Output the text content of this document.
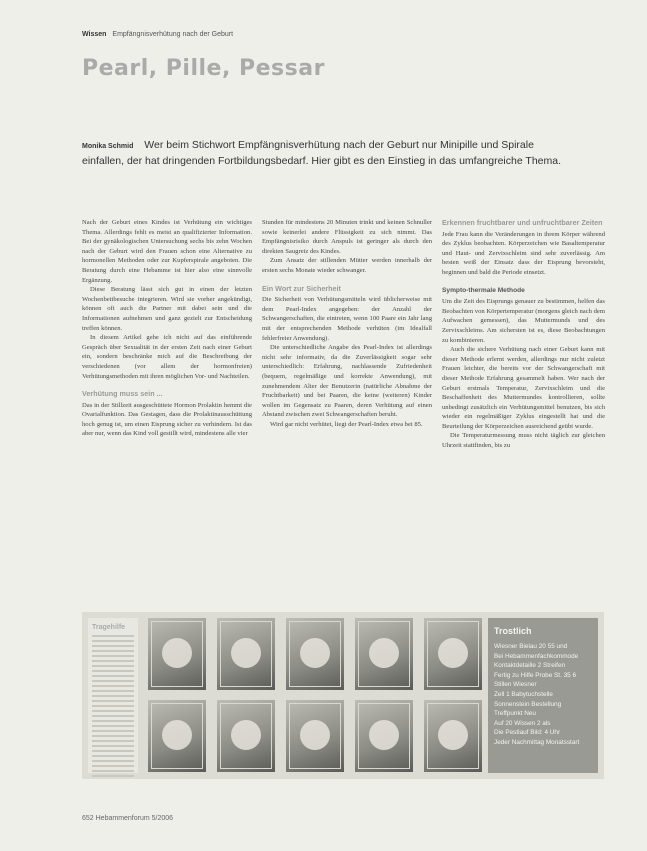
Wissen Empfängnisverhütung nach der Geburt
Pearl, Pille, Pessar
Monika Schmid Wer beim Stichwort Empfängnisverhütung nach der Geburt nur Minipille und Spirale einfallen, der hat dringenden Fortbildungsbedarf. Hier gibt es den Einstieg in das umfangreiche Thema.

Nach der Geburt eines Kindes ist Verhütung ein wichtiges Thema. Allerdings fehlt es meist an qualifizierter Information. Bei der gynäkologischen Untersuchung sechs bis zehn Wochen nach der Geburt wird den Frauen schon eine Alternative zu hormonellen Methoden oder zur Kupferspirale angeboten. Die Beratung durch eine Hebamme ist hier also eine sinnvolle Ergänzung.

Diese Beratung lässt sich gut in einen der letzten Wochenbettbesuche integrieren. Wird sie vorher angekündigt, können oft auch die Partner mit dabei sein und die Informationen aufnehmen und ganz gezielt zur Entscheidung treffen können.

In diesem Artikel gehe ich nicht auf das einführende Gespräch über Sexualität in der ersten Zeit nach einer Geburt ein, sondern beschränke mich auf die Beschreibung der verschiedenen (vor allem der hormonfreien) Verhütungsmethoden mit ihren möglichen Vor- und Nachteilen.

Verhütung muss sein ...

Das in der Stillzeit ausgeschüttete Hormon Prolaktin hemmt die Ovarialfunktion. Das Gestagen, dass die Prolaktinausschüttung hoch genug ist, um einen Eisprung sicher zu verhindern. Ist das aber nur, wenn das Kind voll gestillt wird, mindestens alle vier

Stunden für mindestens 20 Minuten trinkt und keinen Schnuller sowie keinerlei andere Flüssigkeit zu sich nimmt. Das Empfängnisrisiko durch Anspuls ist geringer als durch den direkten Saugreiz des Kindes.

Zum Ansatz der stillenden Mütter werden innerhalb der ersten sechs Monate wieder schwanger.

Ein Wort zur Sicherheit

Die Sicherheit von Verhütungsmitteln wird üblicherweise mit dem Pearl-Index angegeben: der Anzahl der Schwangerschaften, die eintreten, wenn 100 Paare ein Jahr lang mit der entsprechenden Methode verhüten (im Idealfall fehlerfreier Anwendung).

Die unterschiedliche Angabe des Pearl-Index ist allerdings nicht sehr informativ, da die Zuverlässigkeit sogar sehr unterschiedlich: Erfahrung, nachlassende Zufriedenheit (bequem, regelmäßige und korrekte Anwendung), mit zunehmendem Alter der Benutzerin (natürliche Abnahme der Fruchtbarkeit) und bei Paaren, die keine (weiteren) Kinder wollen im Gegensatz zu Paaren, deren Verhütung auf einen Abstand zwischen zwei Schwangerschaften beruht.

Wird gar nicht verhütet, liegt der Pearl-Index etwa bei 85.

Erkennen fruchtbarer und unfruchtbarer Zeiten

Jede Frau kann die Veränderungen in ihrem Körper während des Zyklus beobachten. Körperzeichen wie Basaltemperatur und Haut- und Zervixschleim sind sehr zuverlässig. Am besten weiß der Einsatz dass der Eisprung bevorsteht, beginnen und bald die Periode einsetzt.

Sympto-thermale Methode

Um die Zeit des Eisprungs genauer zu bestimmen, helfen das Beobachten von Körpertemperatur (morgens gleich nach dem Aufwachen gemessen), das Muttermunds und des Zervixschleims. Am sichersten ist es, diese Beobachtungen zu kombinieren.

Auch die sichere Verhütung nach einer Geburt kann mit dieser Methode erlernt werden, allerdings nur nicht zuletzt Frauen leichter, die bereits vor der Schwangerschaft mit dieser Methode Erfahrung gesammelt haben. Wer nach der Geburt erstmals Temperatur, Zervixschleim und die Beschaffenheit des Muttermundes kontrollieren, sollte unbedingt zusätzlich ein Verhütungsmittel benutzen, bis sich wieder ein regelmäßiger Zyklus eingestellt hat und die Beurteilung der Körperzeichen ausreichend geübt wurde.

Die Temperaturmessung muss nicht täglich zur gleichen Uhrzeit stattfinden, bis zu

Tragehilfe	Trostlich
Wiesner Bielau 20 55 und
Bei Hebammenfachkommode
Kontaktdetaille 2 Streifen
Fertig zu Hilfe Probe St. 35 6
Stillen Wiesner
Zell 1 Babytuchstelle
Sonnenstein Bestellung
Treffpunkt Neu
Auf 20 Wissen 2 als
Die Pestlauf Bild: 4 Uhr
Jeder Nachmittag Monatsstart
652 Hebammenforum 5/2006
